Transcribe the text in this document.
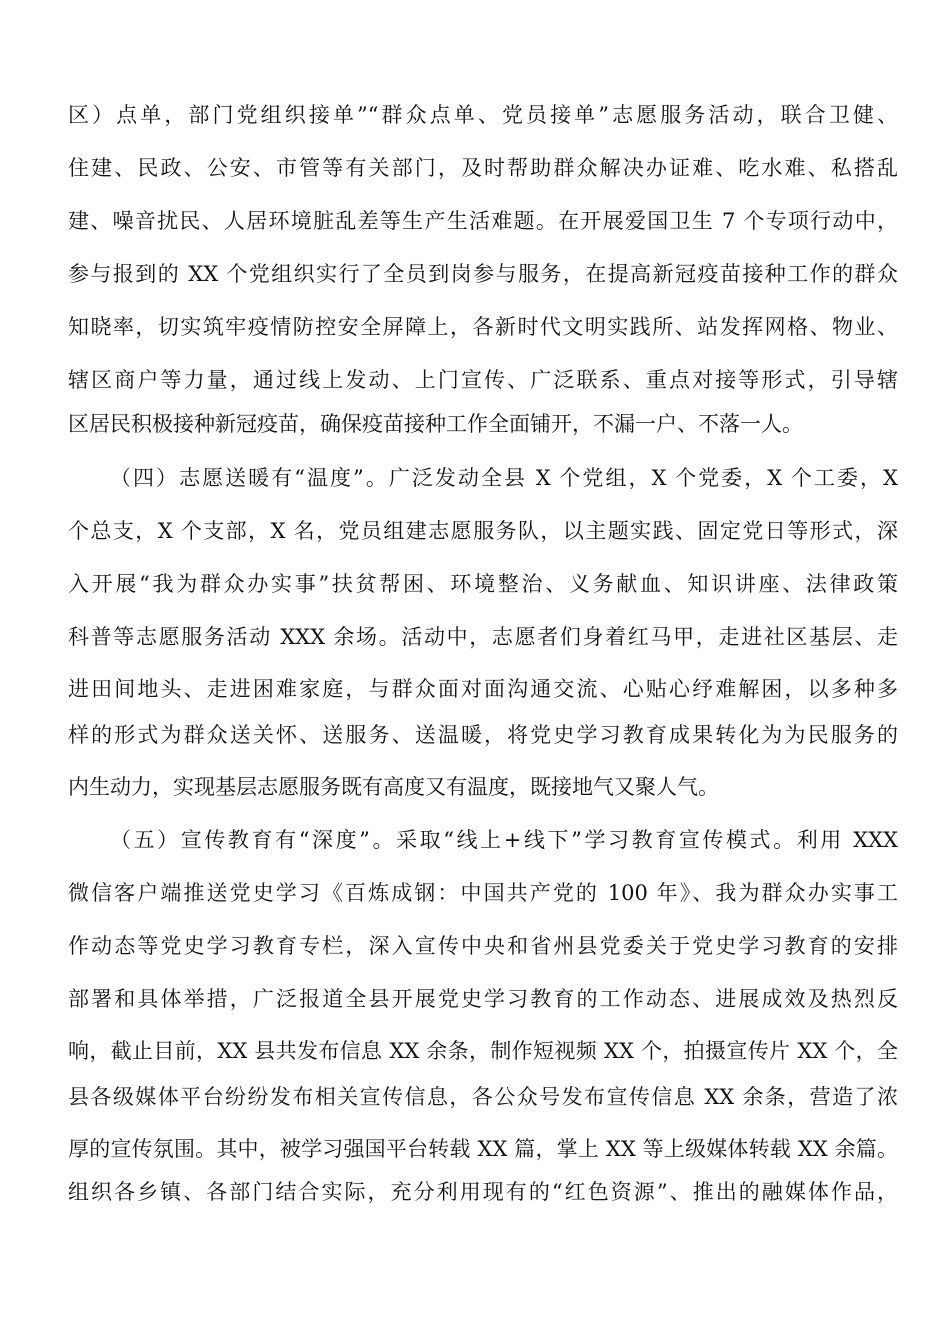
区）点单，部门党组织接单”“群众点单、党员接单”志愿服务活动，联合卫健、
住建、民政、公安、市管等有关部门，及时帮助群众解决办证难、吃水难、私搭乱
建、噪音扰民、人居环境脏乱差等生产生活难题。在开展爱国卫生 7 个专项行动中，
参与报到的 XX 个党组织实行了全员到岗参与服务，在提高新冠疫苗接种工作的群众
知晓率，切实筑牢疫情防控安全屏障上，各新时代文明实践所、站发挥网格、物业、
辖区商户等力量，通过线上发动、上门宣传、广泛联系、重点对接等形式，引导辖
区居民积极接种新冠疫苗，确保疫苗接种工作全面铺开，不漏一户、不落一人。
（四）志愿送暖有“温度”。广泛发动全县 X 个党组，X 个党委，X 个工委，X
个总支，X 个支部，X 名，党员组建志愿服务队，以主题实践、固定党日等形式，深
入开展“我为群众办实事”扶贫帮困、环境整治、义务献血、知识讲座、法律政策
科普等志愿服务活动 XXX 余场。活动中，志愿者们身着红马甲，走进社区基层、走
进田间地头、走进困难家庭，与群众面对面沟通交流、心贴心纾难解困，以多种多
样的形式为群众送关怀、送服务、送温暖，将党史学习教育成果转化为为民服务的
内生动力，实现基层志愿服务既有高度又有温度，既接地气又聚人气。
（五）宣传教育有“深度”。采取“线上+线下”学习教育宣传模式。利用 XXX
微信客户端推送党史学习《百炼成钢：中国共产党的 100 年》、我为群众办实事工
作动态等党史学习教育专栏，深入宣传中央和省州县党委关于党史学习教育的安排
部署和具体举措，广泛报道全县开展党史学习教育的工作动态、进展成效及热烈反
响，截止目前，XX 县共发布信息 XX 余条，制作短视频 XX 个，拍摄宣传片 XX 个，全
县各级媒体平台纷纷发布相关宣传信息，各公众号发布宣传信息 XX 余条，营造了浓
厚的宣传氛围。其中，被学习强国平台转载 XX 篇，掌上 XX 等上级媒体转载 XX 余篇。
组织各乡镇、各部门结合实际，充分利用现有的“红色资源”、推出的融媒体作品，
